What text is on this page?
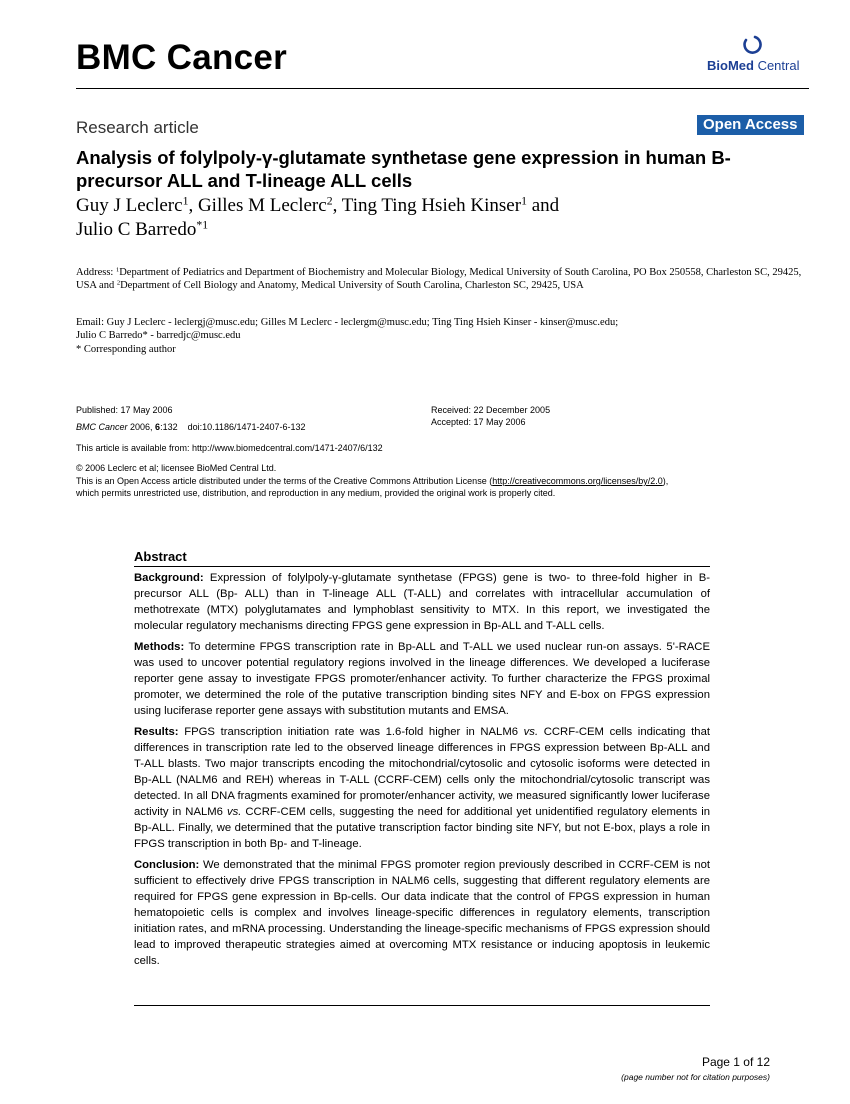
BMC Cancer	BioMed Central
Research article	Open Access
Analysis of folylpoly-γ-glutamate synthetase gene expression in human B-precursor ALL and T-lineage ALL cells
Guy J Leclerc$^1$, Gilles M Leclerc$^2$, Ting Ting Hsieh Kinser$^1$ and
Julio C Barredo$^{*1}$
Address: $^1$Department of Pediatrics and Department of Biochemistry and Molecular Biology, Medical University of South Carolina, PO Box 250558, Charleston SC, 29425, USA and $^2$Department of Cell Biology and Anatomy, Medical University of South Carolina, Charleston SC, 29425, USA
Email: Guy J Leclerc - leclergj@musc.edu; Gilles M Leclerc - leclergm@musc.edu; Ting Ting Hsieh Kinser - kinser@musc.edu;
Julio C Barredo* - barredjc@musc.edu
* Corresponding author
Published: 17 May 2006
BMC Cancer 2006, 6:132    doi:10.1186/1471-2407-6-132
Received: 22 December 2005
Accepted: 17 May 2006
This article is available from: http://www.biomedcentral.com/1471-2407/6/132
© 2006 Leclerc et al; licensee BioMed Central Ltd.
This is an Open Access article distributed under the terms of the Creative Commons Attribution License (http://creativecommons.org/licenses/by/2.0),
which permits unrestricted use, distribution, and reproduction in any medium, provided the original work is properly cited.
Abstract

Background: Expression of folylpoly-γ-glutamate synthetase (FPGS) gene is two- to three-fold higher in B-precursor ALL (Bp- ALL) than in T-lineage ALL (T-ALL) and correlates with intracellular accumulation of methotrexate (MTX) polyglutamates and lymphoblast sensitivity to MTX. In this report, we investigated the molecular regulatory mechanisms directing FPGS gene expression in Bp-ALL and T-ALL cells.

Methods: To determine FPGS transcription rate in Bp-ALL and T-ALL we used nuclear run-on assays. 5'-RACE was used to uncover potential regulatory regions involved in the lineage differences. We developed a luciferase reporter gene assay to investigate FPGS promoter/enhancer activity. To further characterize the FPGS proximal promoter, we determined the role of the putative transcription binding sites NFY and E-box on FPGS expression using luciferase reporter gene assays with substitution mutants and EMSA.

Results: FPGS transcription initiation rate was 1.6-fold higher in NALM6 vs. CCRF-CEM cells indicating that differences in transcription rate led to the observed lineage differences in FPGS expression between Bp-ALL and T-ALL blasts. Two major transcripts encoding the mitochondrial/cytosolic and cytosolic isoforms were detected in Bp-ALL (NALM6 and REH) whereas in T-ALL (CCRF-CEM) cells only the mitochondrial/cytosolic transcript was detected. In all DNA fragments examined for promoter/enhancer activity, we measured significantly lower luciferase activity in NALM6 vs. CCRF-CEM cells, suggesting the need for additional yet unidentified regulatory elements in Bp-ALL. Finally, we determined that the putative transcription factor binding site NFY, but not E-box, plays a role in FPGS transcription in both Bp- and T-lineage.

Conclusion: We demonstrated that the minimal FPGS promoter region previously described in CCRF-CEM is not sufficient to effectively drive FPGS transcription in NALM6 cells, suggesting that different regulatory elements are required for FPGS gene expression in Bp-cells. Our data indicate that the control of FPGS expression in human hematopoietic cells is complex and involves lineage-specific differences in regulatory elements, transcription initiation rates, and mRNA processing. Understanding the lineage-specific mechanisms of FPGS expression should lead to improved therapeutic strategies aimed at overcoming MTX resistance or inducing apoptosis in leukemic cells.

Page 1 of 12
(page number not for citation purposes)
